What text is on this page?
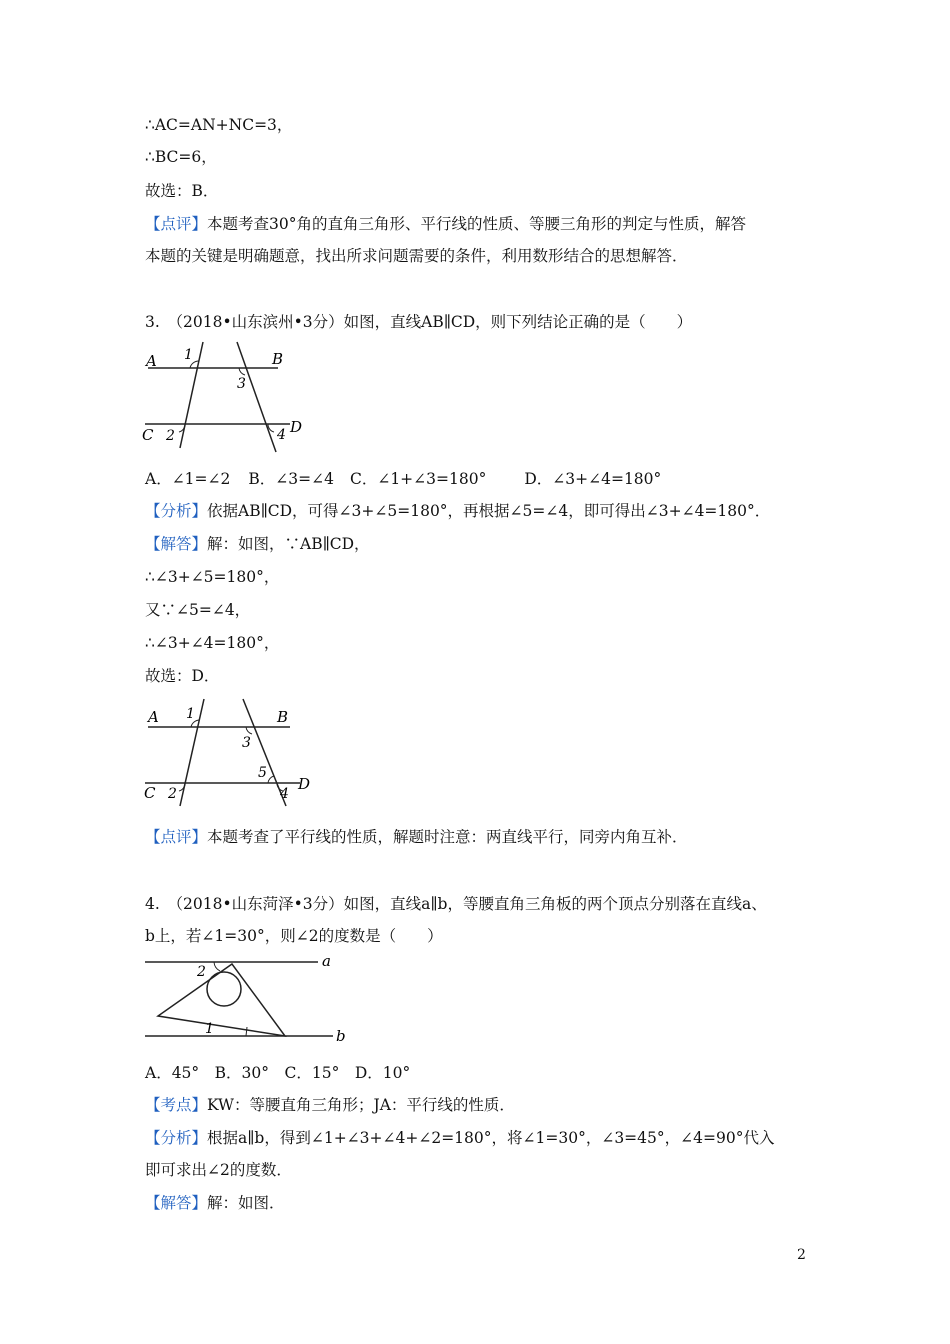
∴AC=AN+NC=3，
∴BC=6，
故选：B．
【点评】本题考查30°角的直角三角形、平行线的性质、等腰三角形的判定与性质，解答
本题的关键是明确题意，找出所求问题需要的条件，利用数形结合的思想解答．
3.　（2018•山东滨州•3分）如图，直线AB∥CD，则下列结论正确的是（　　）
A	B
C	D
1
2
3
4
A．∠1=∠2 B．∠3=∠4 C．∠1+∠3=180° D．∠3+∠4=180°
【分析】依据AB∥CD，可得∠3+∠5=180°，再根据∠5=∠4，即可得出∠3+∠4=180°．
【解答】解：如图，∵AB∥CD，
∴∠3+∠5=180°，
又∵∠5=∠4，
∴∠3+∠4=180°，
故选：D．
A	B
C	D
1
2
3
4
5
【点评】本题考查了平行线的性质，解题时注意：两直线平行，同旁内角互补．
4.　（2018•山东菏泽•3分）如图，直线a∥b，等腰直角三角板的两个顶点分别落在直线a、
b上，若∠1=30°，则∠2的度数是（　　）
2
1
a
b
A．45°　B．30°　C．15°　D．10°
【考点】KW：等腰直角三角形；JA：平行线的性质．
【分析】根据a∥b，得到∠1+∠3+∠4+∠2=180°，将∠1=30°，∠3=45°，∠4=90°代入
即可求出∠2的度数．
【解答】解：如图．
2
